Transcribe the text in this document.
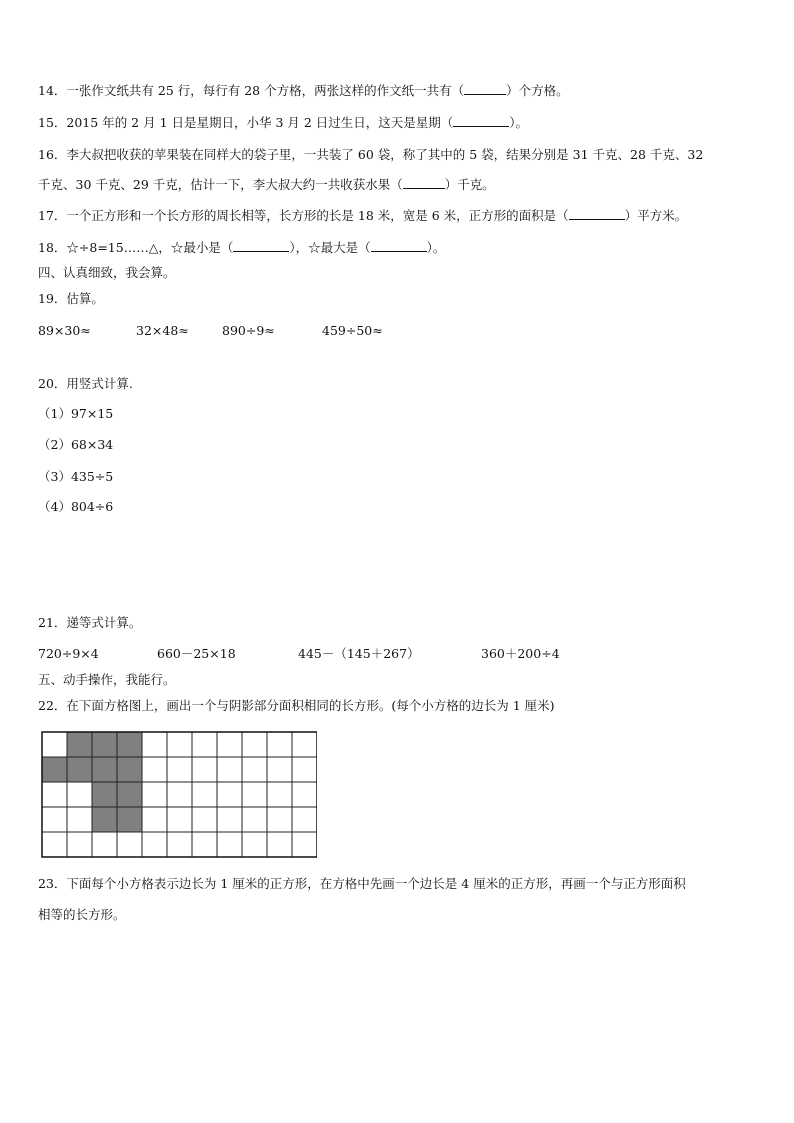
14．一张作文纸共有 25 行，每行有 28 个方格，两张这样的作文纸一共有（	）个方格。
15．2015 年的 2 月 1 日是星期日，小华 3 月 2 日过生日，这天是星期（	）。
16．李大叔把收获的苹果装在同样大的袋子里，一共装了 60 袋，称了其中的 5 袋，结果分别是 31 千克、28 千克、32
千克、30 千克、29 千克，估计一下，李大叔大约一共收获水果（	）千克。
17．一个正方形和一个长方形的周长相等，长方形的长是 18 米，宽是 6 米，正方形的面积是（	）平方米。
18．☆÷8=15……△，☆最小是（	），☆最大是（	）。
四、认真细致，我会算。
19．估算。
89×30≈	32×48≈	890÷9≈	459÷50≈
20．用竖式计算.
（1）97×15
（2）68×34
（3）435÷5
（4）804÷6
21．递等式计算。
720÷9×4	660－25×18	445－（145＋267）	360＋200÷4
五、动手操作，我能行。
22．在下面方格图上，画出一个与阴影部分面积相同的长方形。(每个小方格的边长为 1 厘米)
23．下面每个小方格表示边长为 1 厘米的正方形，在方格中先画一个边长是 4 厘米的正方形，再画一个与正方形面积
相等的长方形。
